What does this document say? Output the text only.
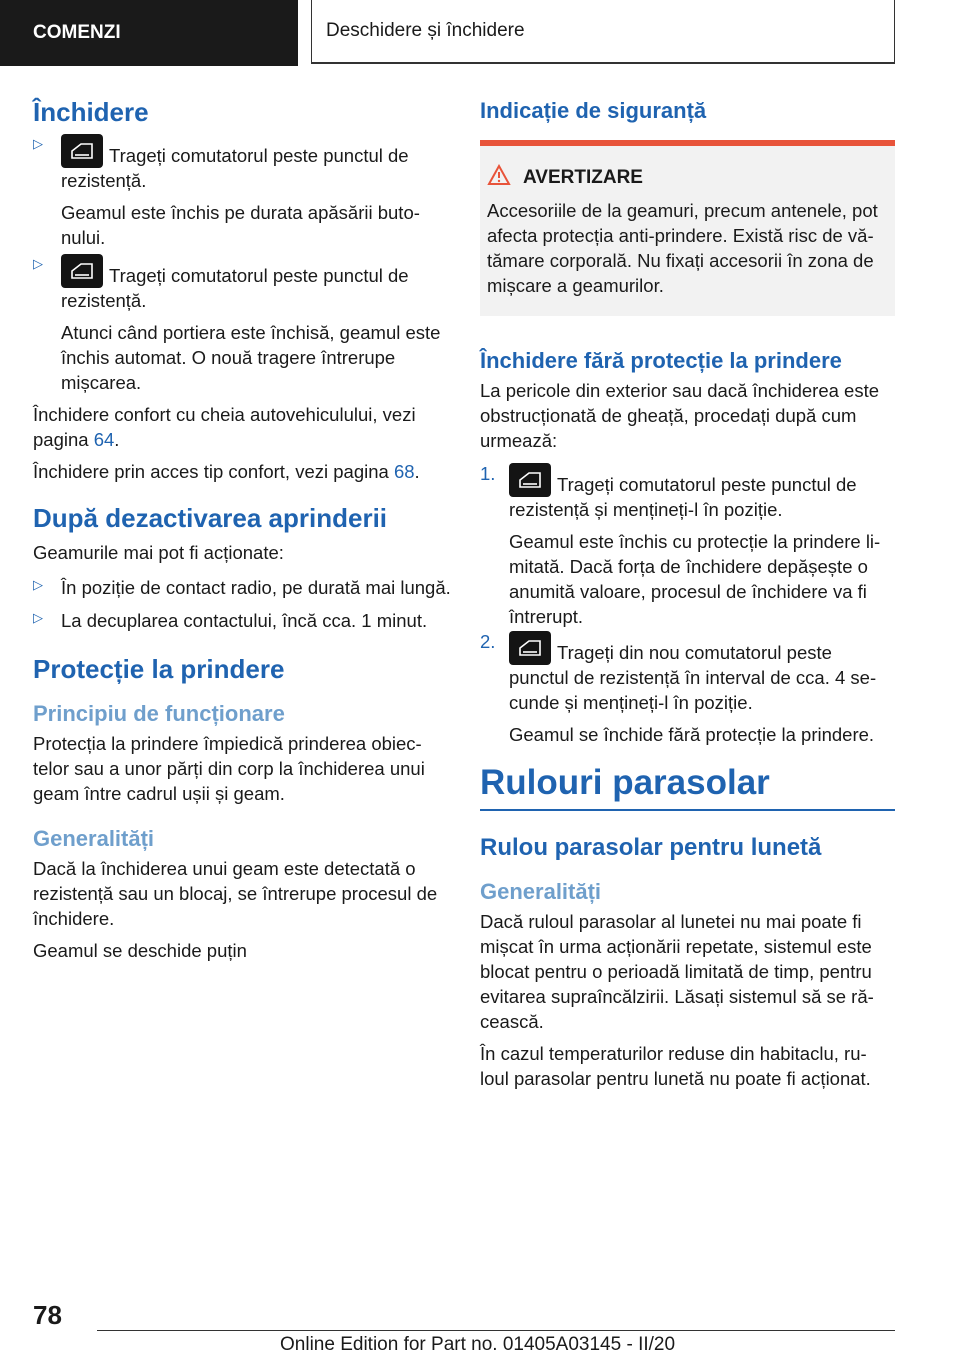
COMENZI	Deschidere și închidere
Închidere
▷

Trageți comutatorul peste punctul de rezistență.

Geamul este închis pe durata apăsării buto-nului.

▷

Trageți comutatorul peste punctul de rezistență.

Atunci când portiera este închisă, geamul este închis automat. O nouă tragere întrerupe mișcarea.

Închidere confort cu cheia autovehiculului, vezi pagina 64.

Închidere prin acces tip confort, vezi pagina 68.

După dezactivarea aprinderii

Geamurile mai pot fi acționate:

▷ În poziție de contact radio, pe durată mai lungă.

▷ La decuplarea contactului, încă cca. 1 minut.

Protecție la prindere
Principiu de funcționare

Protecția la prindere împiedică prinderea obiec-telor sau a unor părți din corp la închiderea unui geam între cadrul ușii și geam.

Generalități

Dacă la închiderea unui geam este detectată o rezistență sau un blocaj, se întrerupe procesul de închidere.

Geamul se deschide puțin

Indicație de siguranță
AVERTIZARE

Accesoriile de la geamuri, precum antenele, pot afecta protecția anti-prindere. Există risc de vă-tămare corporală. Nu fixați accesorii în zona de mișcare a geamurilor.

Închidere fără protecție la prindere

La pericole din exterior sau dacă închiderea este obstrucționată de gheață, procedați după cum urmează:

1.

Trageți comutatorul peste punctul de rezistență și mențineți-l în poziție.

Geamul este închis cu protecție la prindere li-mitată. Dacă forța de închidere depășește o anumită valoare, procesul de închidere va fi întrerupt.

2.

Trageți din nou comutatorul peste punctul de rezistență în interval de cca. 4 se-cunde și mențineți-l în poziție.

Geamul se închide fără protecție la prindere.

Rulouri parasolar

Rulou parasolar pentru lunetă
Generalități

Dacă ruloul parasolar al lunetei nu mai poate fi mișcat în urma acționării repetate, sistemul este blocat pentru o perioadă limitată de timp, pentru evitarea supraîncălzirii. Lăsați sistemul să se ră-cească.

În cazul temperaturilor reduse din habitaclu, ru-loul parasolar pentru lunetă nu poate fi acționat.

78
Online Edition for Part no. 01405A03145 - II/20
